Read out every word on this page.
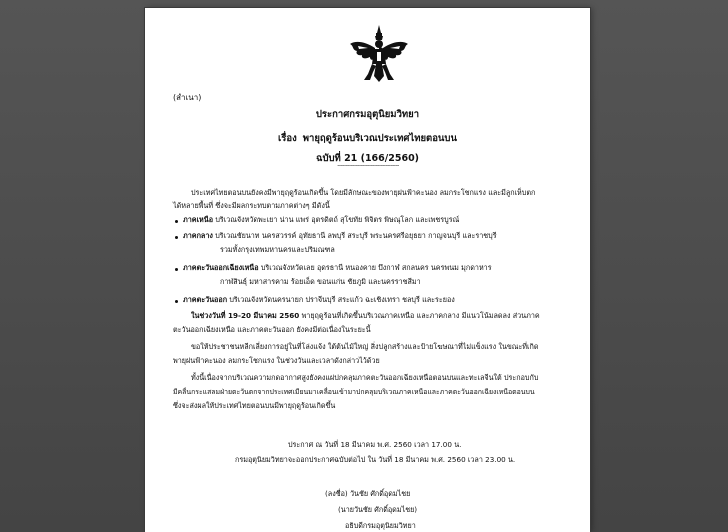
(สำเนา)
ประกาศกรมอุตุนิยมวิทยา
เรื่อง พายุฤดูร้อนบริเวณประเทศไทยตอนบน
ฉบับที่ 21 (166/2560)
-------------------------------------
ประเทศไทยตอนบนยังคงมีพายุฤดูร้อนเกิดขึ้น โดยมีลักษณะของพายุฝนฟ้าคะนอง ลมกระโชกแรง และมีลูกเห็บตก
ได้หลายพื้นที่ ซึ่งจะมีผลกระทบตามภาคต่างๆ มีดังนี้
ภาคเหนือ บริเวณจังหวัดพะเยา น่าน แพร่ อุตรดิตถ์ สุโขทัย พิจิตร พิษณุโลก และเพชรบูรณ์
ภาคกลาง บริเวณชัยนาท นครสวรรค์ อุทัยธานี ลพบุรี สระบุรี พระนครศรีอยุธยา กาญจนบุรี และราชบุรี
รวมทั้งกรุงเทพมหานครและปริมณฑล
ภาคตะวันออกเฉียงเหนือ บริเวณจังหวัดเลย อุดรธานี หนองคาย บึงกาฬ สกลนคร นครพนม มุกดาหาร
กาฬสินธุ์ มหาสารคาม ร้อยเอ็ด ขอนแก่น ชัยภูมิ และนครราชสีมา
ภาคตะวันออก บริเวณจังหวัดนครนายก ปราจีนบุรี สระแก้ว ฉะเชิงเทรา ชลบุรี และระยอง
ในช่วงวันที่ 19-20 มีนาคม 2560 พายุฤดูร้อนที่เกิดขึ้นบริเวณภาคเหนือ และภาคกลาง มีแนวโน้มลดลง ส่วนภาค
ตะวันออกเฉียงเหนือ และภาคตะวันออก ยังคงมีต่อเนื่องในระยะนี้
ขอให้ประชาชนหลีกเลี่ยงการอยู่ในที่โล่งแจ้ง ใต้ต้นไม้ใหญ่ สิ่งปลูกสร้างและป้ายโฆษณาที่ไม่แข็งแรง ในขณะที่เกิด
พายุฝนฟ้าคะนอง ลมกระโชกแรง ในช่วงวันและเวลาดังกล่าวไว้ด้วย
ทั้งนี้เนื่องจากบริเวณความกดอากาศสูงยังคงแผ่ปกคลุมภาคตะวันออกเฉียงเหนือตอนบนและทะเลจีนใต้ ประกอบกับ
มีคลื่นกระแสลมฝ่ายตะวันตกจากประเทศเมียนมาเคลื่อนเข้ามาปกคลุมบริเวณภาคเหนือและภาคตะวันออกเฉียงเหนือตอนบน
ซึ่งจะส่งผลให้ประเทศไทยตอนบนมีพายุฤดูร้อนเกิดขึ้น
ประกาศ ณ วันที่ 18 มีนาคม พ.ศ. 2560 เวลา 17.00 น.
กรมอุตุนิยมวิทยาจะออกประกาศฉบับต่อไป ใน วันที่ 18 มีนาคม พ.ศ. 2560 เวลา 23.00 น.
(ลงชื่อ) วันชัย ศักดิ์อุดมไชย
(นายวันชัย ศักดิ์อุดมไชย)
อธิบดีกรมอุตุนิยมวิทยา
